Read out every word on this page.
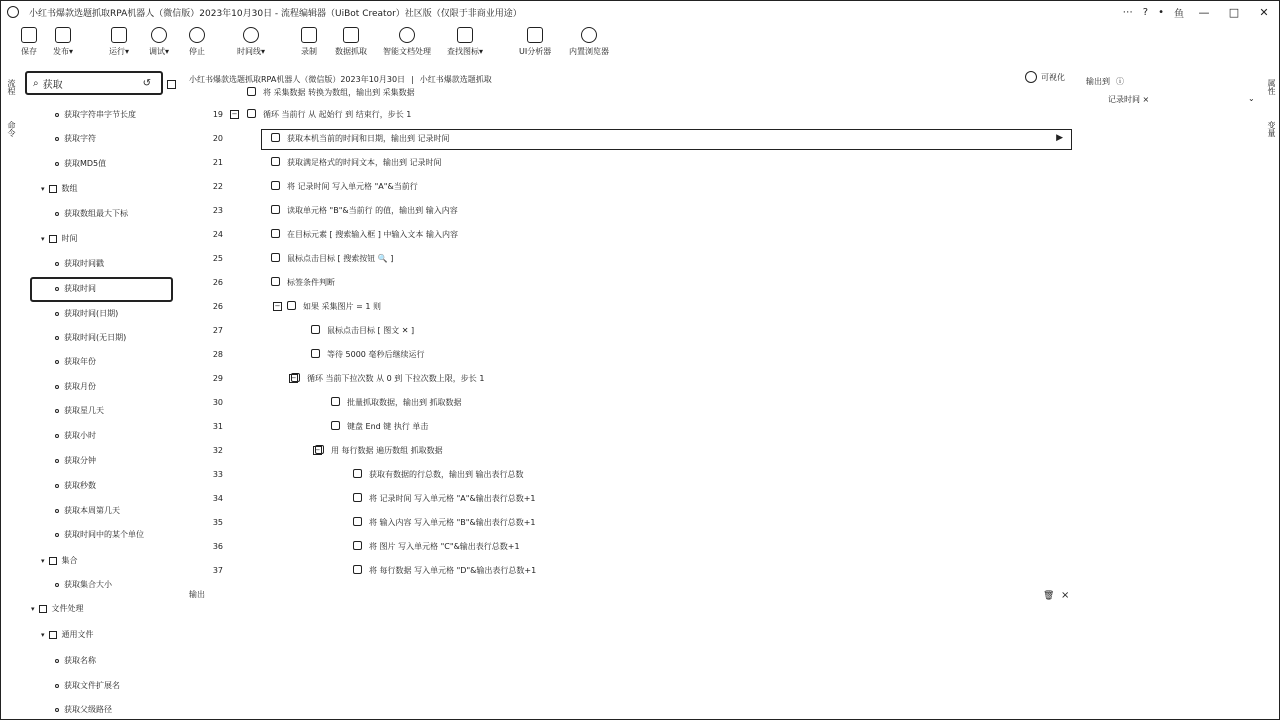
小红书爆款选题抓取RPA机器人（微信版）2023年10月30日 - 流程编辑器（UiBot Creator）社区版（仅限于非商业用途）	⋯ ? • 鱼	—	□	✕
保存 发布▾	运行▾ 调试▾ 停止	时间线▾	录制 数据抓取 智能文档处理 查找图标▾	UI分析器 内置浏览器
流程
命令
属性
变量
⌕ 获取	↺
获取字符串字节长度
获取字符
获取MD5值
▾ 数组
获取数组最大下标
▾ 时间
获取时间戳
获取时间
获取时间(日期)
获取时间(无日期)
获取年份
获取月份
获取星几天
获取小时
获取分钟
获取秒数
获取本周第几天
获取时间中的某个单位
▾ 集合
获取集合大小
▾ 文件处理
▾ 通用文件
获取名称
获取文件扩展名
获取父级路径
小红书爆款选题抓取RPA机器人（微信版）2023年10月30日 | 小红书爆款选题抓取	可视化	输出到 ⓘ
记录时间 ×	⌄
▶
将 采集数据 转换为数组，输出到 采集数据
19 −	循环 当前行 从 起始行 到 结束行，步长 1
20	获取本机当前的时间和日期，输出到 记录时间
21	获取满足格式的时间文本，输出到 记录时间
22	将 记录时间 写入单元格 "A"&当前行
23	读取单元格 "B"&当前行 的值，输出到 输入内容
24	在目标元素 [ 搜索输入框 ] 中输入文本 输入内容
25	鼠标点击目标 [ 搜索按钮 🔍 ]
26	标签条件判断
26	−	如果 采集图片 = 1 则
27	鼠标点击目标 [ 图文 ✕ ]
28	等待 5000 毫秒后继续运行
29	− 循环 当前下拉次数 从 0 到 下拉次数上限，步长 1
30	批量抓取数据，输出到 抓取数据
31	键盘 End 键 执行 单击
32	− 用 每行数据 遍历数组 抓取数据
33	获取有数据的行总数，输出到 输出表行总数
34	将 记录时间 写入单元格 "A"&输出表行总数+1
35	将 输入内容 写入单元格 "B"&输出表行总数+1
36	将 图片 写入单元格 "C"&输出表行总数+1
37	将 每行数据 写入单元格 "D"&输出表行总数+1
输出	🗑 ×
